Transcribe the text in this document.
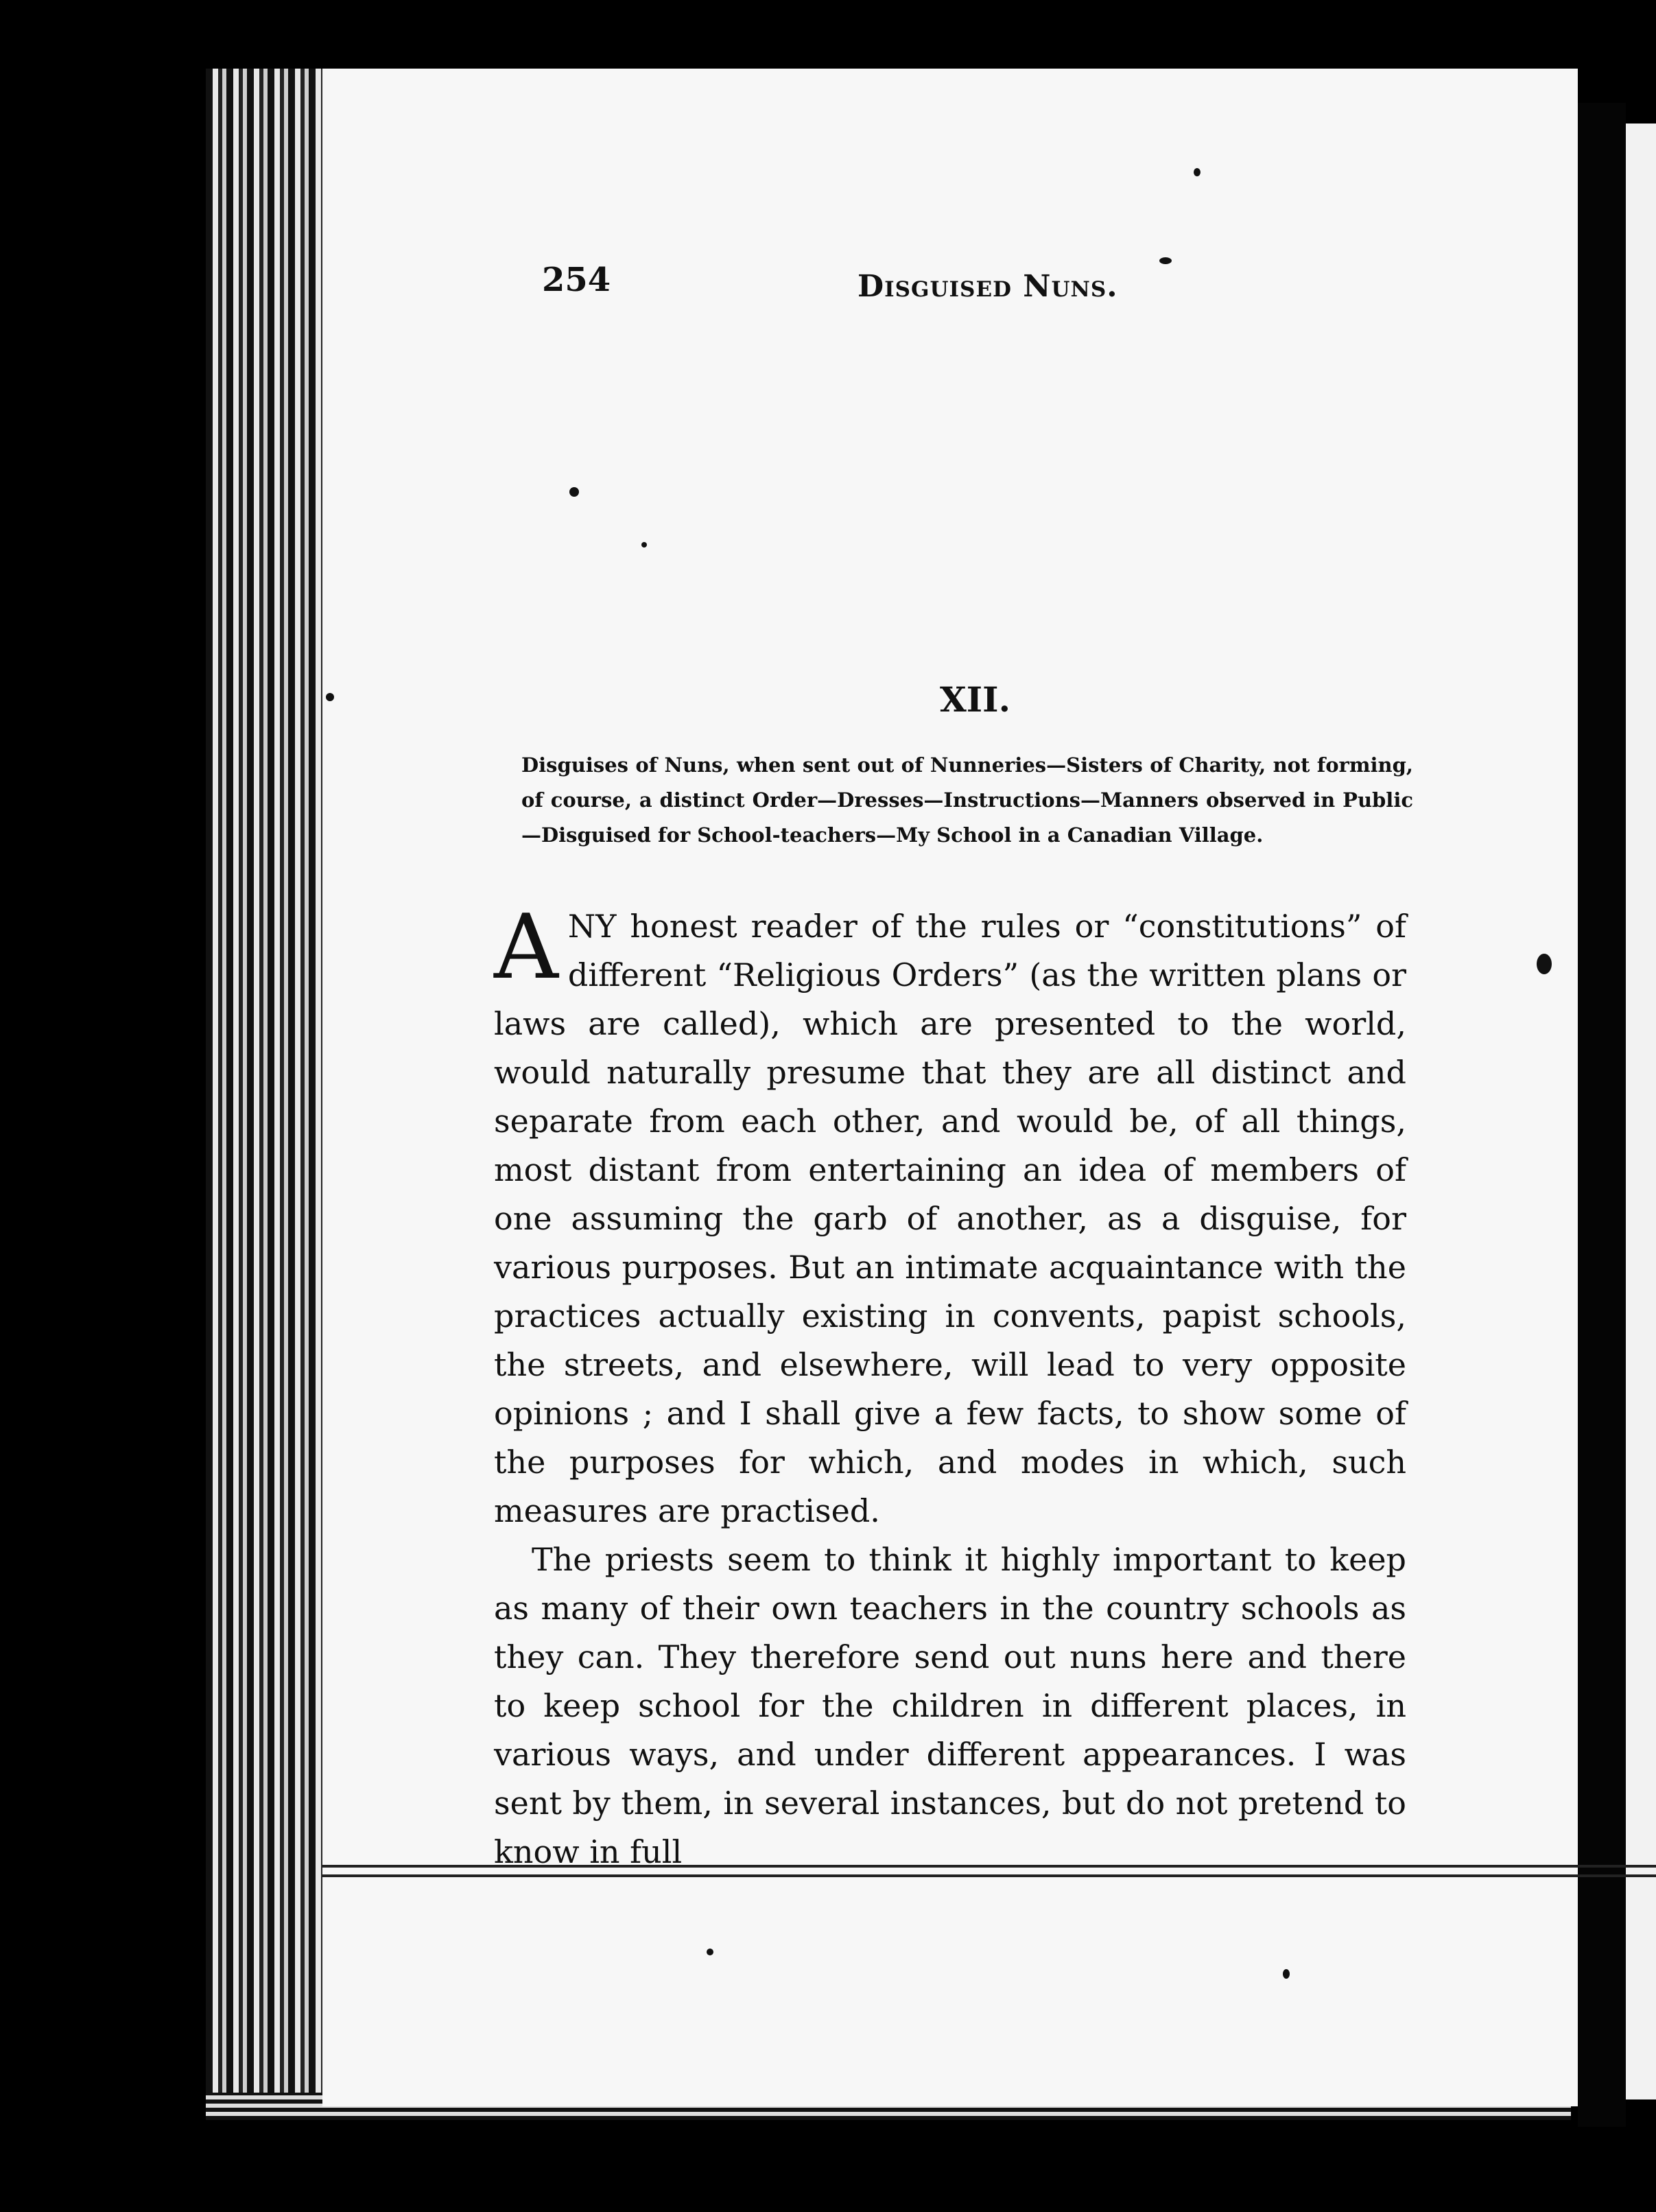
254	Disguised Nuns.
XII.
Disguises of Nuns, when sent out of Nunneries—Sisters of Charity, not forming, of course, a distinct Order—Dresses—Instructions—Manners observed in Public—Disguised for School-teachers—My School in a Canadian Village.

ANY honest reader of the rules or “constitutions” of different “Religious Orders” (as the written plans or laws are called), which are presented to the world, would naturally presume that they are all distinct and separate from each other, and would be, of all things, most distant from entertaining an idea of members of one assuming the garb of another, as a disguise, for various purposes. But an intimate acquaintance with the practices actually existing in convents, papist schools, the streets, and elsewhere, will lead to very opposite opinions ; and I shall give a few facts, to show some of the purposes for which, and modes in which, such measures are practised.

The priests seem to think it highly important to keep as many of their own teachers in the country schools as they can. They therefore send out nuns here and there to keep school for the children in different places, in various ways, and under different appearances. I was sent by them, in several instances, but do not pretend to know in full
